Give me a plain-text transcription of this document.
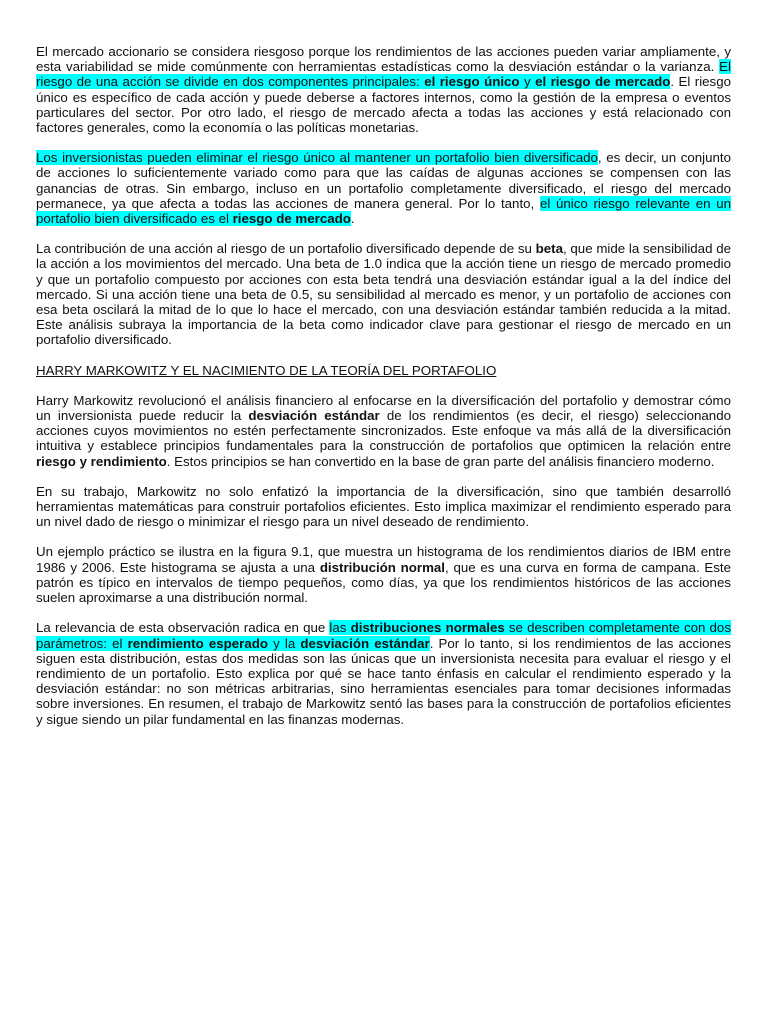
El mercado accionario se considera riesgoso porque los rendimientos de las acciones pueden variar ampliamente, y esta variabilidad se mide comúnmente con herramientas estadísticas como la desviación estándar o la varianza. El riesgo de una acción se divide en dos componentes principales: el riesgo único y el riesgo de mercado. El riesgo único es específico de cada acción y puede deberse a factores internos, como la gestión de la empresa o eventos particulares del sector. Por otro lado, el riesgo de mercado afecta a todas las acciones y está relacionado con factores generales, como la economía o las políticas monetarias.

Los inversionistas pueden eliminar el riesgo único al mantener un portafolio bien diversificado, es decir, un conjunto de acciones lo suficientemente variado como para que las caídas de algunas acciones se compensen con las ganancias de otras. Sin embargo, incluso en un portafolio completamente diversificado, el riesgo del mercado permanece, ya que afecta a todas las acciones de manera general. Por lo tanto, el único riesgo relevante en un portafolio bien diversificado es el riesgo de mercado.

La contribución de una acción al riesgo de un portafolio diversificado depende de su beta, que mide la sensibilidad de la acción a los movimientos del mercado. Una beta de 1.0 indica que la acción tiene un riesgo de mercado promedio y que un portafolio compuesto por acciones con esta beta tendrá una desviación estándar igual a la del índice del mercado. Si una acción tiene una beta de 0.5, su sensibilidad al mercado es menor, y un portafolio de acciones con esa beta oscilará la mitad de lo que lo hace el mercado, con una desviación estándar también reducida a la mitad. Este análisis subraya la importancia de la beta como indicador clave para gestionar el riesgo de mercado en un portafolio diversificado.

HARRY MARKOWITZ Y EL NACIMIENTO DE LA TEORÍA DEL PORTAFOLIO

Harry Markowitz revolucionó el análisis financiero al enfocarse en la diversificación del portafolio y demostrar cómo un inversionista puede reducir la desviación estándar de los rendimientos (es decir, el riesgo) seleccionando acciones cuyos movimientos no estén perfectamente sincronizados. Este enfoque va más allá de la diversificación intuitiva y establece principios fundamentales para la construcción de portafolios que optimicen la relación entre riesgo y rendimiento. Estos principios se han convertido en la base de gran parte del análisis financiero moderno.

En su trabajo, Markowitz no solo enfatizó la importancia de la diversificación, sino que también desarrolló herramientas matemáticas para construir portafolios eficientes. Esto implica maximizar el rendimiento esperado para un nivel dado de riesgo o minimizar el riesgo para un nivel deseado de rendimiento.

Un ejemplo práctico se ilustra en la figura 9.1, que muestra un histograma de los rendimientos diarios de IBM entre 1986 y 2006. Este histograma se ajusta a una distribución normal, que es una curva en forma de campana. Este patrón es típico en intervalos de tiempo pequeños, como días, ya que los rendimientos históricos de las acciones suelen aproximarse a una distribución normal.

La relevancia de esta observación radica en que las distribuciones normales se describen completamente con dos parámetros: el rendimiento esperado y la desviación estándar. Por lo tanto, si los rendimientos de las acciones siguen esta distribución, estas dos medidas son las únicas que un inversionista necesita para evaluar el riesgo y el rendimiento de un portafolio. Esto explica por qué se hace tanto énfasis en calcular el rendimiento esperado y la desviación estándar: no son métricas arbitrarias, sino herramientas esenciales para tomar decisiones informadas sobre inversiones. En resumen, el trabajo de Markowitz sentó las bases para la construcción de portafolios eficientes y sigue siendo un pilar fundamental en las finanzas modernas.
